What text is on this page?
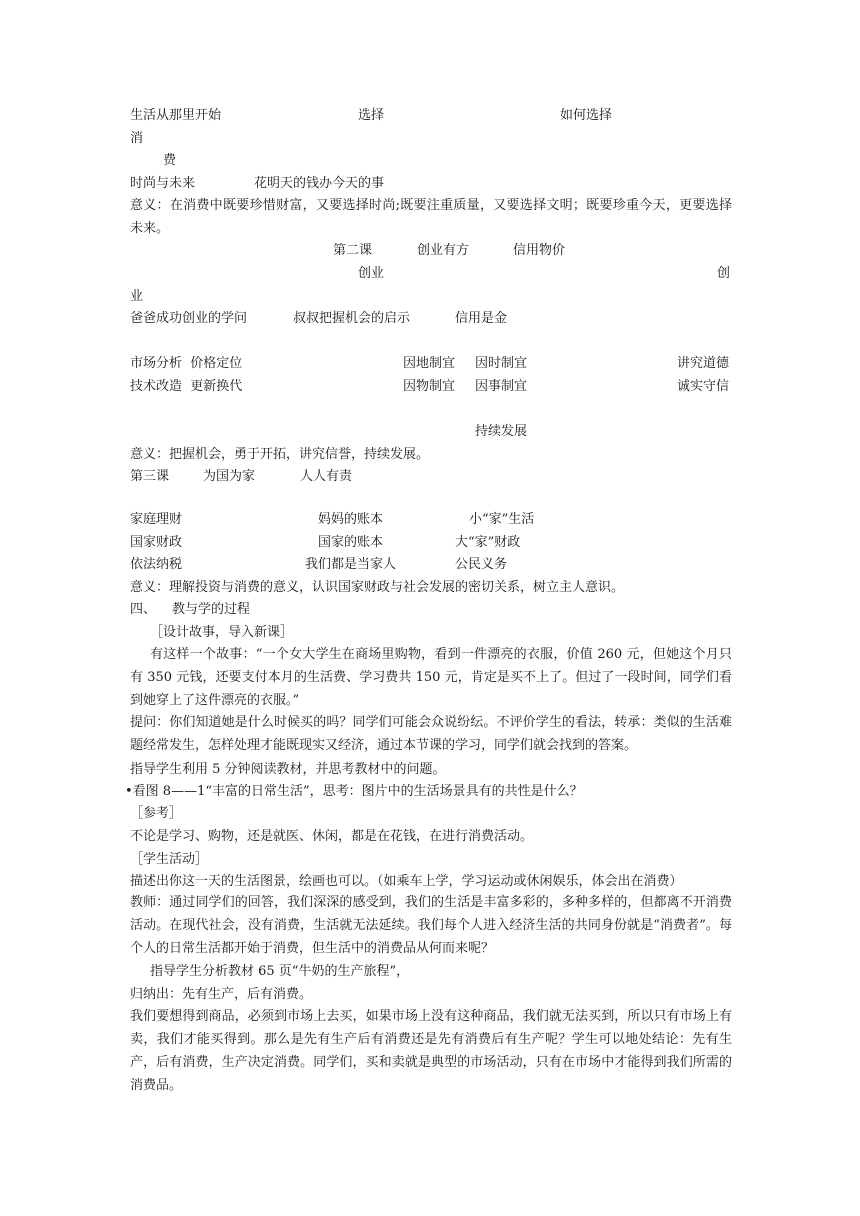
生活从那里开始	选择	如何选择
消
费
时尚与未来	花明天的钱办今天的事
意义：在消费中既要珍惜财富，又要选择时尚;既要注重质量，又要选择文明；既要珍重今天，更要选择未来。
第二课	创业有方	信用物价
创业	创
业
爸爸成功创业的学问	叔叔把握机会的启示	信用是金
市场分析  价格定位	因地制宜 因时制宜	讲究道德
技术改造  更新换代	因物制宜 因事制宜	诚实守信
持续发展
意义：把握机会，勇于开拓，讲究信誉，持续发展。
第三课	为国为家	人人有责
家庭理财	妈妈的账本	小“家”生活
国家财政	国家的账本	大“家”财政
依法纳税	我们都是当家人	公民义务
意义：理解投资与消费的意义，认识国家财政与社会发展的密切关系，树立主人意识。
四、 教与学的过程
［设计故事，导入新课］
有这样一个故事：“一个女大学生在商场里购物，看到一件漂亮的衣服，价值 260 元，但她这个月只有 350 元钱，还要支付本月的生活费、学习费共 150 元，肯定是买不上了。但过了一段时间，同学们看到她穿上了这件漂亮的衣服。”
提问：你们知道她是什么时候买的吗？同学们可能会众说纷纭。不评价学生的看法，转承：类似的生活难题经常发生，怎样处理才能既现实又经济，通过本节课的学习，同学们就会找到的答案。
指导学生利用 5 分钟阅读教材，并思考教材中的问题。
•看图 8——1“丰富的日常生活”，思考：图片中的生活场景具有的共性是什么？
［参考］
不论是学习、购物，还是就医、休闲，都是在花钱，在进行消费活动。
［学生活动］
描述出你这一天的生活图景，绘画也可以。（如乘车上学，学习运动或休闲娱乐，体会出在消费）
教师：通过同学们的回答，我们深深的感受到，我们的生活是丰富多彩的，多种多样的，但都离不开消费活动。在现代社会，没有消费，生活就无法延续。我们每个人进入经济生活的共同身份就是“消费者”。每个人的日常生活都开始于消费，但生活中的消费品从何而来呢？
指导学生分析教材 65 页“牛奶的生产旅程”，
归纳出：先有生产，后有消费。
我们要想得到商品，必须到市场上去买，如果市场上没有这种商品，我们就无法买到，所以只有市场上有卖，我们才能买得到。那么是先有生产后有消费还是先有消费后有生产呢？学生可以地处结论：先有生产，后有消费，生产决定消费。同学们，买和卖就是典型的市场活动，只有在市场中才能得到我们所需的消费品。
